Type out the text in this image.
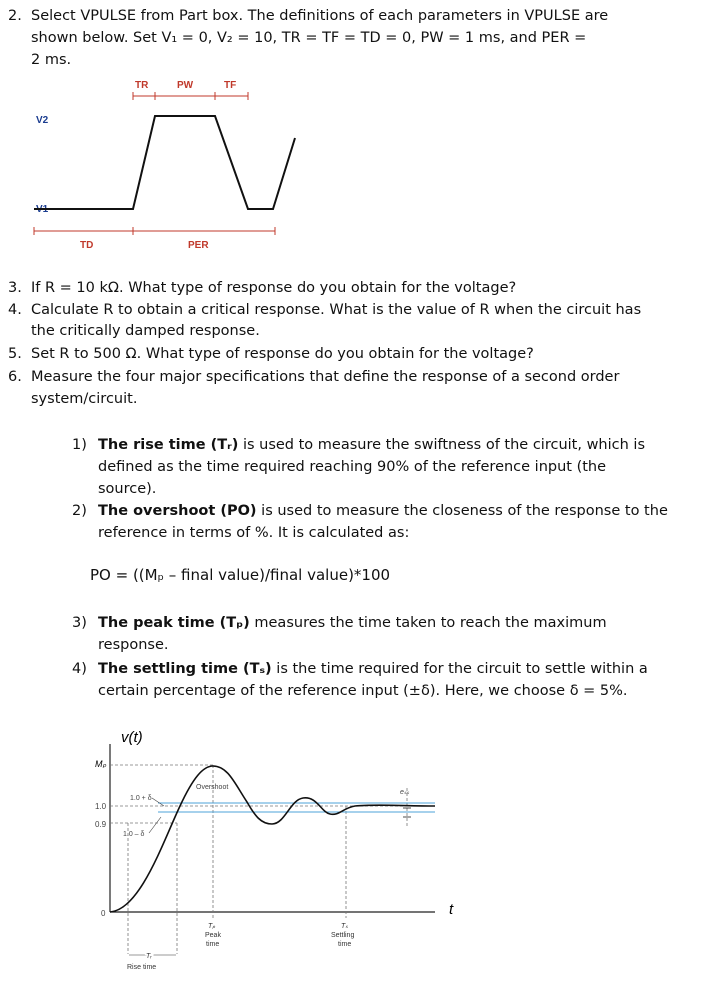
2. Select VPULSE from Part box. The definitions of each parameters in VPULSE are
shown below. Set V₁ = 0, V₂ = 10, TR = TF = TD = 0, PW = 1 ms, and PER =
2 ms.
TR	PW	TF
V2
V1
TD	PER
3. If R = 10 kΩ. What type of response do you obtain for the voltage?
4. Calculate R to obtain a critical response. What is the value of R when the circuit has
the critically damped response.
5. Set R to 500 Ω. What type of response do you obtain for the voltage?
6. Measure the four major specifications that define the response of a second order
system/circuit.
1) The rise time (Tᵣ) is used to measure the swiftness of the circuit, which is
defined as the time required reaching 90% of the reference input (the
source).
2) The overshoot (PO) is used to measure the closeness of the response to the
reference in terms of %. It is calculated as:
PO = ((Mₚ – final value)/final value)*100
3) The peak time (Tₚ) measures the time taken to reach the maximum
response.
4) The settling time (Tₛ) is the time required for the circuit to settle within a
certain percentage of the reference input (±δ). Here, we choose δ = 5%.
v(t)
Mₚ
1.0
0.9
0	t
1.0 + δ
1.0 – δ
Overshoot
eₛₛ
Tₚ
Peak
time
Tₛ
Settling
time
Tᵣ
Rise time
